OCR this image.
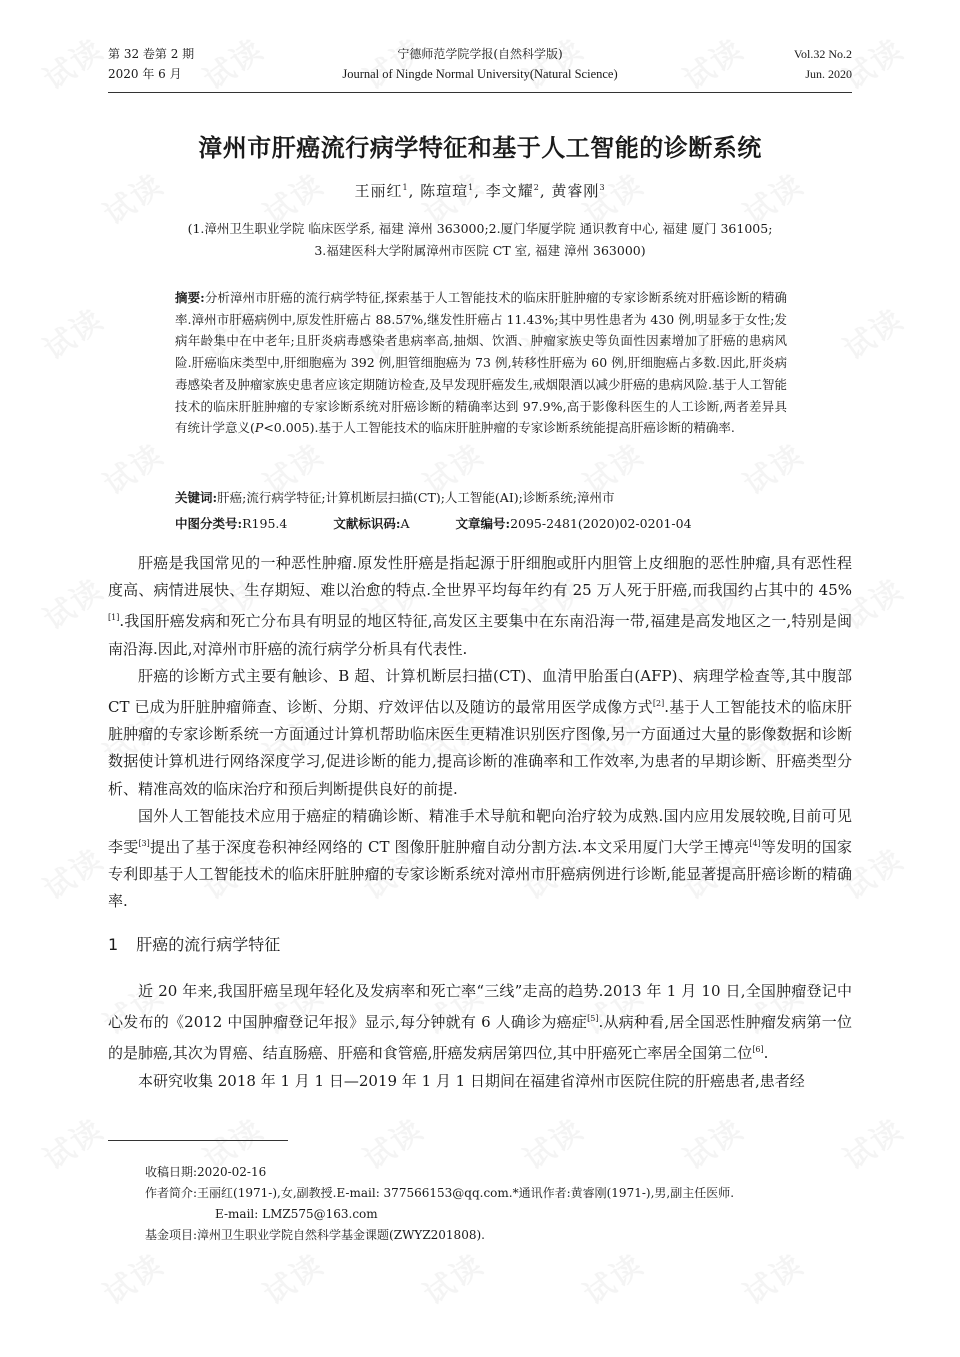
第 32 卷第 2 期
2020 年 6 月
宁德师范学院学报(自然科学版)
Journal of Ningde Normal University(Natural Science)
Vol.32 No.2
Jun. 2020
漳州市肝癌流行病学特征和基于人工智能的诊断系统
王丽红$^1$, 陈瑄瑄$^1$, 李文耀$^2$, 黄睿刚$^3$
(1.漳州卫生职业学院 临床医学系, 福建 漳州 363000;2.厦门华厦学院 通识教育中心, 福建 厦门 361005;
3.福建医科大学附属漳州市医院 CT 室, 福建 漳州 363000)
摘要:分析漳州市肝癌的流行病学特征,探索基于人工智能技术的临床肝脏肿瘤的专家诊断系统对肝癌诊断的精确率.漳州市肝癌病例中,原发性肝癌占 88.57%,继发性肝癌占 11.43%;其中男性患者为 430 例,明显多于女性;发病年龄集中在中老年;且肝炎病毒感染者患病率高,抽烟、饮酒、肿瘤家族史等负面性因素增加了肝癌的患病风险.肝癌临床类型中,肝细胞癌为 392 例,胆管细胞癌为 73 例,转移性肝癌为 60 例,肝细胞癌占多数.因此,肝炎病毒感染者及肿瘤家族史患者应该定期随访检查,及早发现肝癌发生,戒烟限酒以减少肝癌的患病风险.基于人工智能技术的临床肝脏肿瘤的专家诊断系统对肝癌诊断的精确率达到 97.9%,高于影像科医生的人工诊断,两者差异具有统计学意义(P<0.005).基于人工智能技术的临床肝脏肿瘤的专家诊断系统能提高肝癌诊断的精确率.
关键词:肝癌;流行病学特征;计算机断层扫描(CT);人工智能(AI);诊断系统;漳州市
中图分类号:R195.4	文献标识码:A	文章编号:2095-2481(2020)02-0201-04

肝癌是我国常见的一种恶性肿瘤.原发性肝癌是指起源于肝细胞或肝内胆管上皮细胞的恶性肿瘤,具有恶性程度高、病情进展快、生存期短、难以治愈的特点.全世界平均每年约有 25 万人死于肝癌,而我国约占其中的 45%[1].我国肝癌发病和死亡分布具有明显的地区特征,高发区主要集中在东南沿海一带,福建是高发地区之一,特别是闽南沿海.因此,对漳州市肝癌的流行病学分析具有代表性.

肝癌的诊断方式主要有触诊、B 超、计算机断层扫描(CT)、血清甲胎蛋白(AFP)、病理学检查等,其中腹部 CT 已成为肝脏肿瘤筛查、诊断、分期、疗效评估以及随访的最常用医学成像方式[2].基于人工智能技术的临床肝脏肿瘤的专家诊断系统一方面通过计算机帮助临床医生更精准识别医疗图像,另一方面通过大量的影像数据和诊断数据使计算机进行网络深度学习,促进诊断的能力,提高诊断的准确率和工作效率,为患者的早期诊断、肝癌类型分析、精准高效的临床治疗和预后判断提供良好的前提.

国外人工智能技术应用于癌症的精确诊断、精准手术导航和靶向治疗较为成熟.国内应用发展较晚,目前可见李雯[3]提出了基于深度卷积神经网络的 CT 图像肝脏肿瘤自动分割方法.本文采用厦门大学王博亮[4]等发明的国家专利即基于人工智能技术的临床肝脏肿瘤的专家诊断系统对漳州市肝癌病例进行诊断,能显著提高肝癌诊断的精确率.

1 肝癌的流行病学特征

近 20 年来,我国肝癌呈现年轻化及发病率和死亡率“三线”走高的趋势.2013 年 1 月 10 日,全国肿瘤登记中心发布的《2012 中国肿瘤登记年报》显示,每分钟就有 6 人确诊为癌症[5].从病种看,居全国恶性肿瘤发病第一位的是肺癌,其次为胃癌、结直肠癌、肝癌和食管癌,肝癌发病居第四位,其中肝癌死亡率居全国第二位[6].

本研究收集 2018 年 1 月 1 日—2019 年 1 月 1 日期间在福建省漳州市医院住院的肝癌患者,患者经

收稿日期:2020-02-16
作者简介:王丽红(1971-),女,副教授.E-mail: 377566153@qq.com.*通讯作者:黄睿刚(1971-),男,副主任医师.
E-mail: LMZ575@163.com
基金项目:漳州卫生职业学院自然科学基金课题(ZWYZ201808).
